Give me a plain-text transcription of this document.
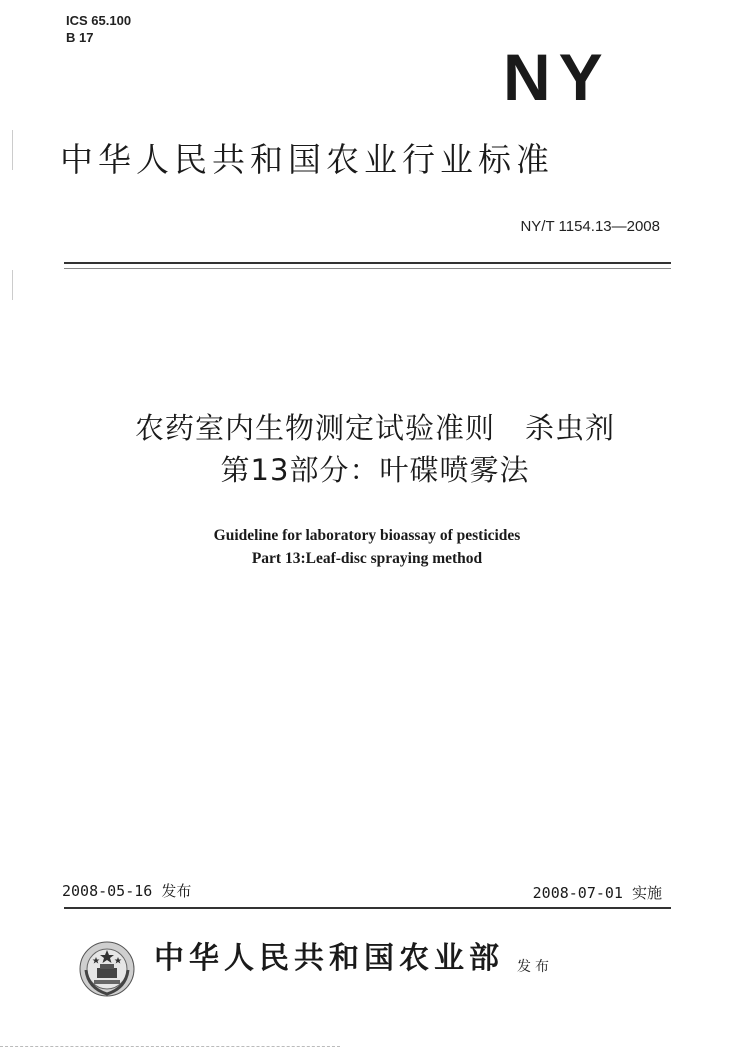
ICS 65.100
B 17
NY
中华人民共和国农业行业标准
NY/T 1154.13—2008
农药室内生物测定试验准则　杀虫剂
第13部分：叶碟喷雾法
Guideline for laboratory bioassay of pesticides
Part 13:Leaf-disc spraying method
2008-05-16 发布	2008-07-01 实施
中华人民共和国农业部 发布
